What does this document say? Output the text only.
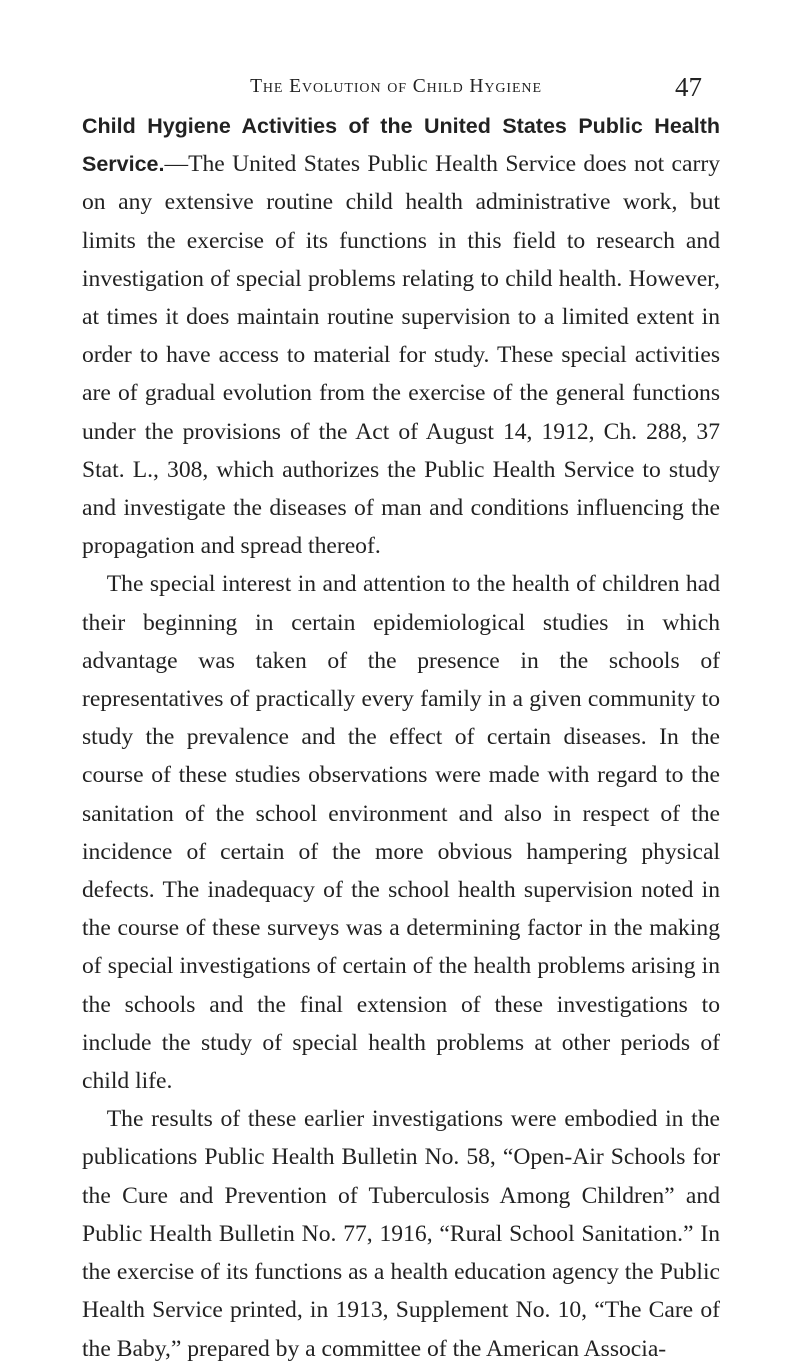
The Evolution of Child Hygiene	47

Child Hygiene Activities of the United States Public Health Service.—The United States Public Health Service does not carry on any extensive routine child health administrative work, but limits the exercise of its functions in this field to research and investigation of special problems relating to child health. However, at times it does maintain routine supervision to a limited extent in order to have access to material for study. These special activities are of gradual evolution from the exercise of the general functions under the provisions of the Act of August 14, 1912, Ch. 288, 37 Stat. L., 308, which authorizes the Public Health Service to study and investigate the diseases of man and conditions influencing the propagation and spread thereof.

The special interest in and attention to the health of children had their beginning in certain epidemiological studies in which advantage was taken of the presence in the schools of representatives of practically every family in a given community to study the prevalence and the effect of certain diseases. In the course of these studies observations were made with regard to the sanitation of the school environment and also in respect of the incidence of certain of the more obvious hampering physical defects. The inadequacy of the school health supervision noted in the course of these surveys was a determining factor in the making of special investigations of certain of the health problems arising in the schools and the final extension of these investigations to include the study of special health problems at other periods of child life.

The results of these earlier investigations were embodied in the publications Public Health Bulletin No. 58, “Open-Air Schools for the Cure and Prevention of Tuberculosis Among Children” and Public Health Bulletin No. 77, 1916, “Rural School Sanitation.” In the exercise of its functions as a health education agency the Public Health Service printed, in 1913, Supplement No. 10, “The Care of the Baby,” prepared by a committee of the American Associa-
